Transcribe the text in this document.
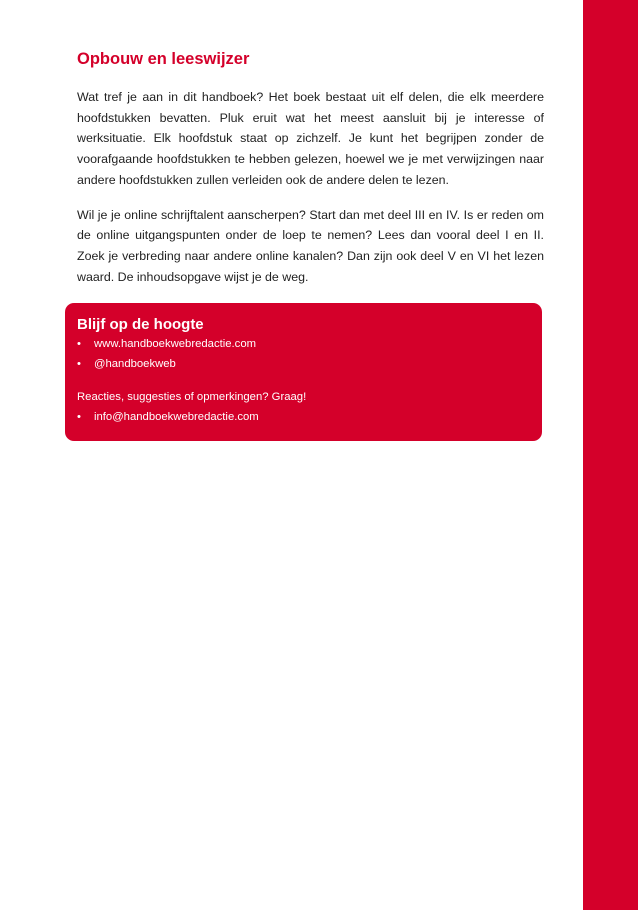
Opbouw en leeswijzer

Wat tref je aan in dit handboek? Het boek bestaat uit elf delen, die elk meerdere hoofdstukken bevatten. Pluk eruit wat het meest aansluit bij je interesse of werksituatie. Elk hoofdstuk staat op zichzelf. Je kunt het begrijpen zonder de voorafgaande hoofdstukken te hebben gelezen, hoewel we je met verwijzingen naar andere hoofdstukken zullen verleiden ook de andere delen te lezen.

Wil je je online schrijftalent aanscherpen? Start dan met deel III en IV. Is er reden om de online uitgangspunten onder de loep te nemen? Lees dan vooral deel I en II. Zoek je verbreding naar andere online kanalen? Dan zijn ook deel V en VI het lezen waard. De inhoudsopgave wijst je de weg.

Blijf op de hoogte
•	www.handboekwebredactie.com
•	@handboekweb
Reacties, suggesties of opmerkingen? Graag!
•	info@handboekwebredactie.com
13 INLEIDING
